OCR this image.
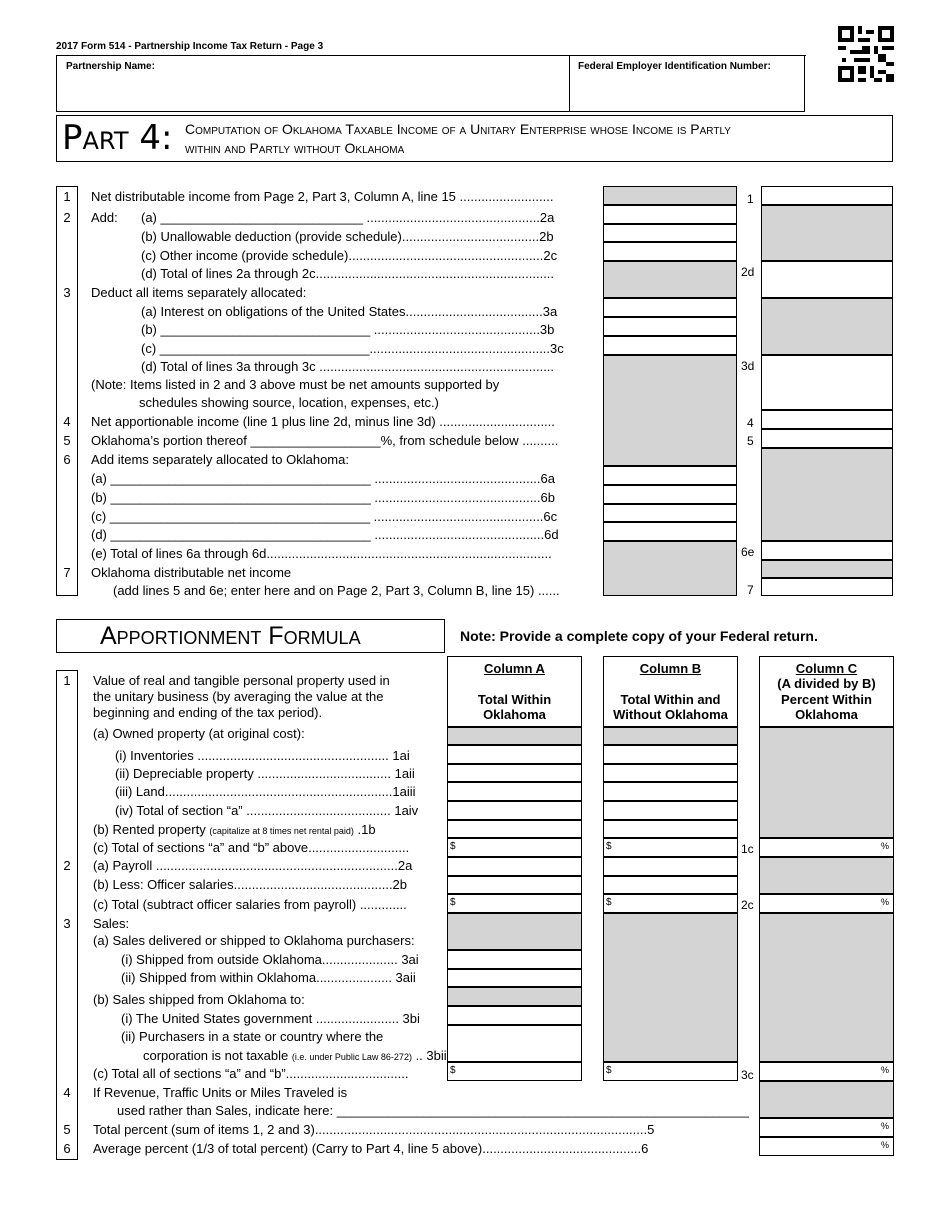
2017 Form 514 - Partnership Income Tax Return - Page 3
Partnership Name:	Federal Employer Identification Number:
Part 4: Computation of Oklahoma Taxable Income of a Unitary Enterprise whose Income is Partly
within and Partly without Oklahoma
1
2
3
4
5
6
7
Net distributable income from Page 2, Part 3, Column A, line 15 ..........................
Add: (a) ____________________________ ................................................2a
(b) Unallowable deduction (provide schedule)......................................2b
(c) Other income (provide schedule)......................................................2c
(d) Total of lines 2a through 2c..................................................................
Deduct all items separately allocated:
(a) Interest on obligations of the United States......................................3a
(b) _____________________________ ..............................................3b
(c) _____________________________..................................................3c
(d) Total of lines 3a through 3c .................................................................
(Note: Items listed in 2 and 3 above must be net amounts supported by
schedules showing source, location, expenses, etc.)
Net apportionable income (line 1 plus line 2d, minus line 3d) ................................
Oklahoma’s portion thereof __________________%, from schedule below ..........
Add items separately allocated to Oklahoma:
(a) ____________________________________ ..............................................6a
(b) ____________________________________ ..............................................6b
(c) ____________________________________ ...............................................6c
(d) ____________________________________ ...............................................6d
(e) Total of lines 6a through 6d...............................................................................
Oklahoma distributable net income
(add lines 5 and 6e; enter here and on Page 2, Part 3, Column B, line 15) ......
1
2d
3d
4
5
6e
7
Apportionment Formula	Note: Provide a complete copy of your Federal return.
Column A
Total Within
Oklahoma
Column B
Total Within and
Without Oklahoma
Column C
(A divided by B)
Percent Within
Oklahoma
1
2
3
4
5
6
Value of real and tangible personal property used in
the unitary business (by averaging the value at the
beginning and ending of the tax period).
(a) Owned property (at original cost):
(i) Inventories ..................................................... 1ai
(ii) Depreciable property ..................................... 1aii
(iii) Land...............................................................1aiii
(iv) Total of section “a” ........................................ 1aiv
(b) Rented property (capitalize at 8 times net rental paid) .1b
(c) Total of sections “a” and “b” above............................
(a) Payroll ...................................................................2a
(b) Less: Officer salaries............................................2b
(c) Total (subtract officer salaries from payroll) .............
Sales:
(a) Sales delivered or shipped to Oklahoma purchasers:
(i) Shipped from outside Oklahoma..................... 3ai
(ii) Shipped from within Oklahoma..................... 3aii
(b) Sales shipped from Oklahoma to:
(i) The United States government ....................... 3bi
(ii) Purchasers in a state or country where the
corporation is not taxable (i.e. under Public Law 86-272) .. 3bii
(c) Total all of sections “a” and “b”..................................
If Revenue, Traffic Units or Miles Traveled is
used rather than Sales, indicate here: _________________________________________________________
Total percent (sum of items 1, 2 and 3)............................................................................................5
Average percent (1/3 of total percent) (Carry to Part 4, line 5 above)............................................6
$
$
$
$
$
$
1c
2c
3c
%
%
%
%
%
